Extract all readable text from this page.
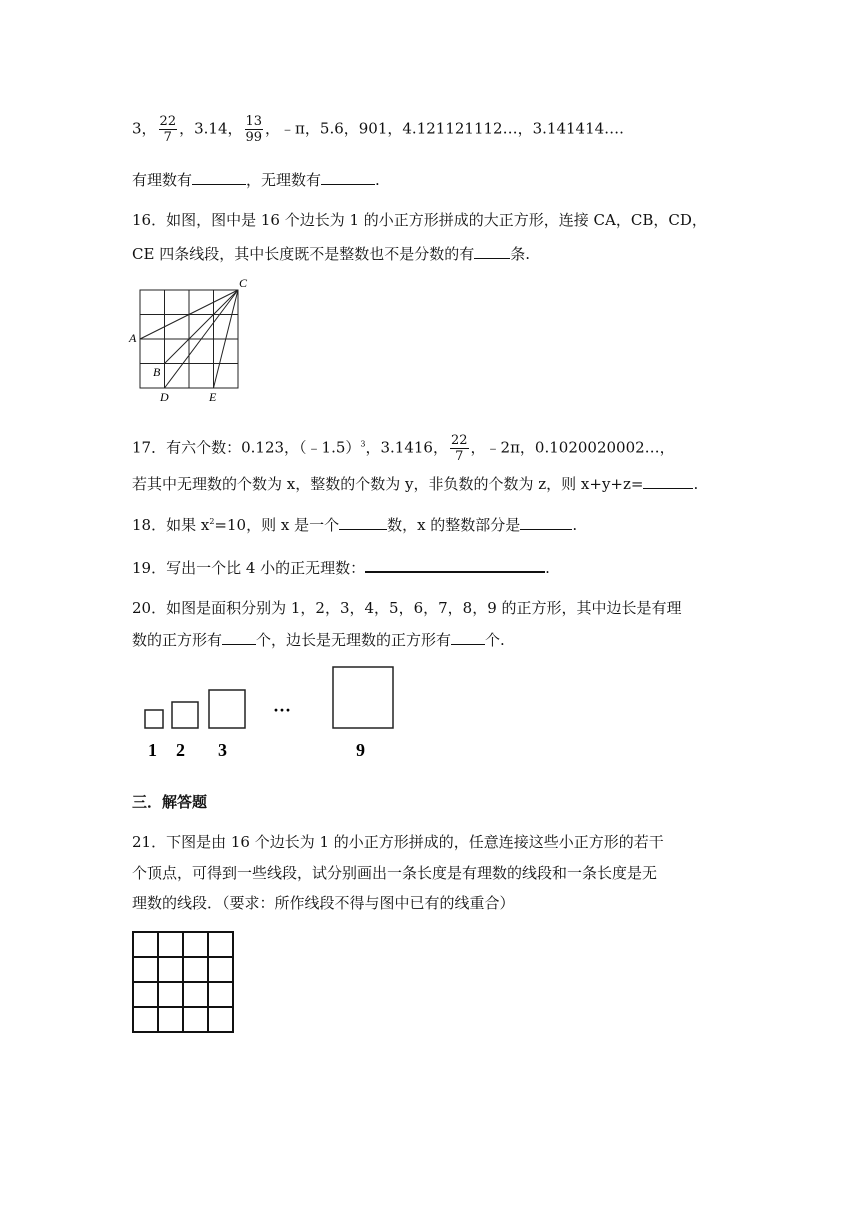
3， $\frac{22}{7}$ ，3.14， $\frac{13}{99}$ ，﹣π，5.6，901，4.121121112…，3.141414….
有理数有	，无理数有	.
16．如图，图中是 16 个边长为 1 的小正方形拼成的大正方形，连接 CA，CB，CD，
CE 四条线段，其中长度既不是整数也不是分数的有 条.
C
A
B
D	E
17．有六个数：0.123，（﹣1.5）$^3$，3.1416， $\frac{22}{7}$ ，﹣2π，0.1020020002…，
若其中无理数的个数为 x，整数的个数为 y，非负数的个数为 z，则 x+y+z=	.
18．如果 $x^2=10$，则 x 是一个	数，x 的整数部分是	.
19．写出一个比 4 小的正无理数：	.
20．如图是面积分别为 1，2，3，4，5，6，7，8，9 的正方形，其中边长是有理
数的正方形有 个，边长是无理数的正方形有 个.
1 2 3
···
9
三．解答题
21．下图是由 16 个边长为 1 的小正方形拼成的，任意连接这些小正方形的若干
个顶点，可得到一些线段，试分别画出一条长度是有理数的线段和一条长度是无
理数的线段．（要求：所作线段不得与图中已有的线重合）
